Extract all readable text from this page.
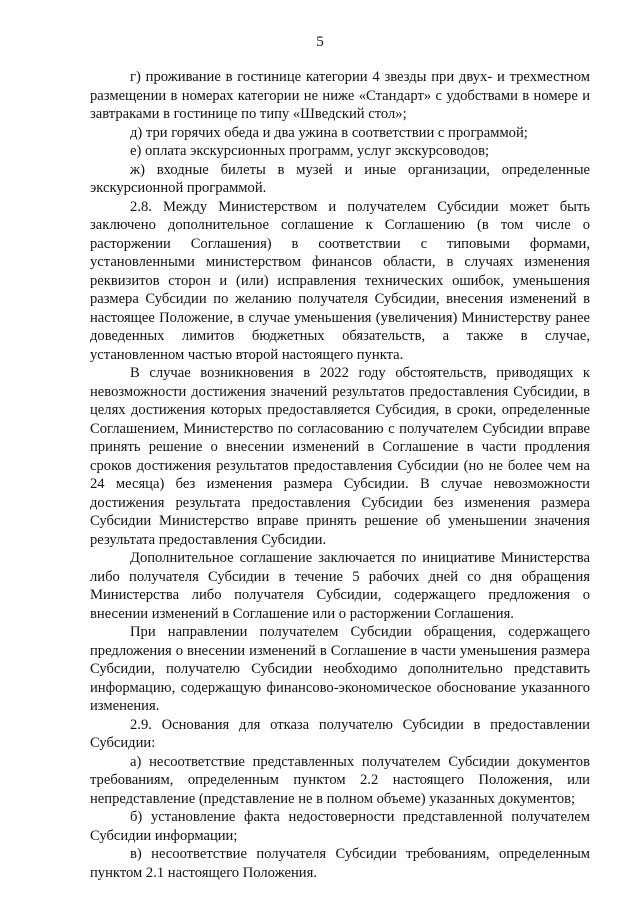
5

г) проживание в гостинице категории 4 звезды при двух- и трехместном размещении в номерах категории не ниже «Стандарт» с удобствами в номере и завтраками в гостинице по типу «Шведский стол»;

д) три горячих обеда и два ужина в соответствии с программой;

е) оплата экскурсионных программ, услуг экскурсоводов;

ж) входные билеты в музей и иные организации, определенные экскурсионной программой.

2.8. Между Министерством и получателем Субсидии может быть заключено дополнительное соглашение к Соглашению (в том числе о расторжении Соглашения) в соответствии с типовыми формами, установленными министерством финансов области, в случаях изменения реквизитов сторон и (или) исправления технических ошибок, уменьшения размера Субсидии по желанию получателя Субсидии, внесения изменений в настоящее Положение, в случае уменьшения (увеличения) Министерству ранее доведенных лимитов бюджетных обязательств, а также в случае, установленном частью второй настоящего пункта.

В случае возникновения в 2022 году обстоятельств, приводящих к невозможности достижения значений результатов предоставления Субсидии, в целях достижения которых предоставляется Субсидия, в сроки, определенные Соглашением, Министерство по согласованию с получателем Субсидии вправе принять решение о внесении изменений в Соглашение в части продления сроков достижения результатов предоставления Субсидии (но не более чем на 24 месяца) без изменения размера Субсидии. В случае невозможности достижения результата предоставления Субсидии без изменения размера Субсидии Министерство вправе принять решение об уменьшении значения результата предоставления Субсидии.

Дополнительное соглашение заключается по инициативе Министерства либо получателя Субсидии в течение 5 рабочих дней со дня обращения Министерства либо получателя Субсидии, содержащего предложения о внесении изменений в Соглашение или о расторжении Соглашения.

При направлении получателем Субсидии обращения, содержащего предложения о внесении изменений в Соглашение в части уменьшения размера Субсидии, получателю Субсидии необходимо дополнительно представить информацию, содержащую финансово-экономическое обоснование указанного изменения.

2.9. Основания для отказа получателю Субсидии в предоставлении Субсидии:

а) несоответствие представленных получателем Субсидии документов требованиям, определенным пунктом 2.2 настоящего Положения, или непредставление (представление не в полном объеме) указанных документов;

б) установление факта недостоверности представленной получателем Субсидии информации;

в) несоответствие получателя Субсидии требованиям, определенным пунктом 2.1 настоящего Положения.
